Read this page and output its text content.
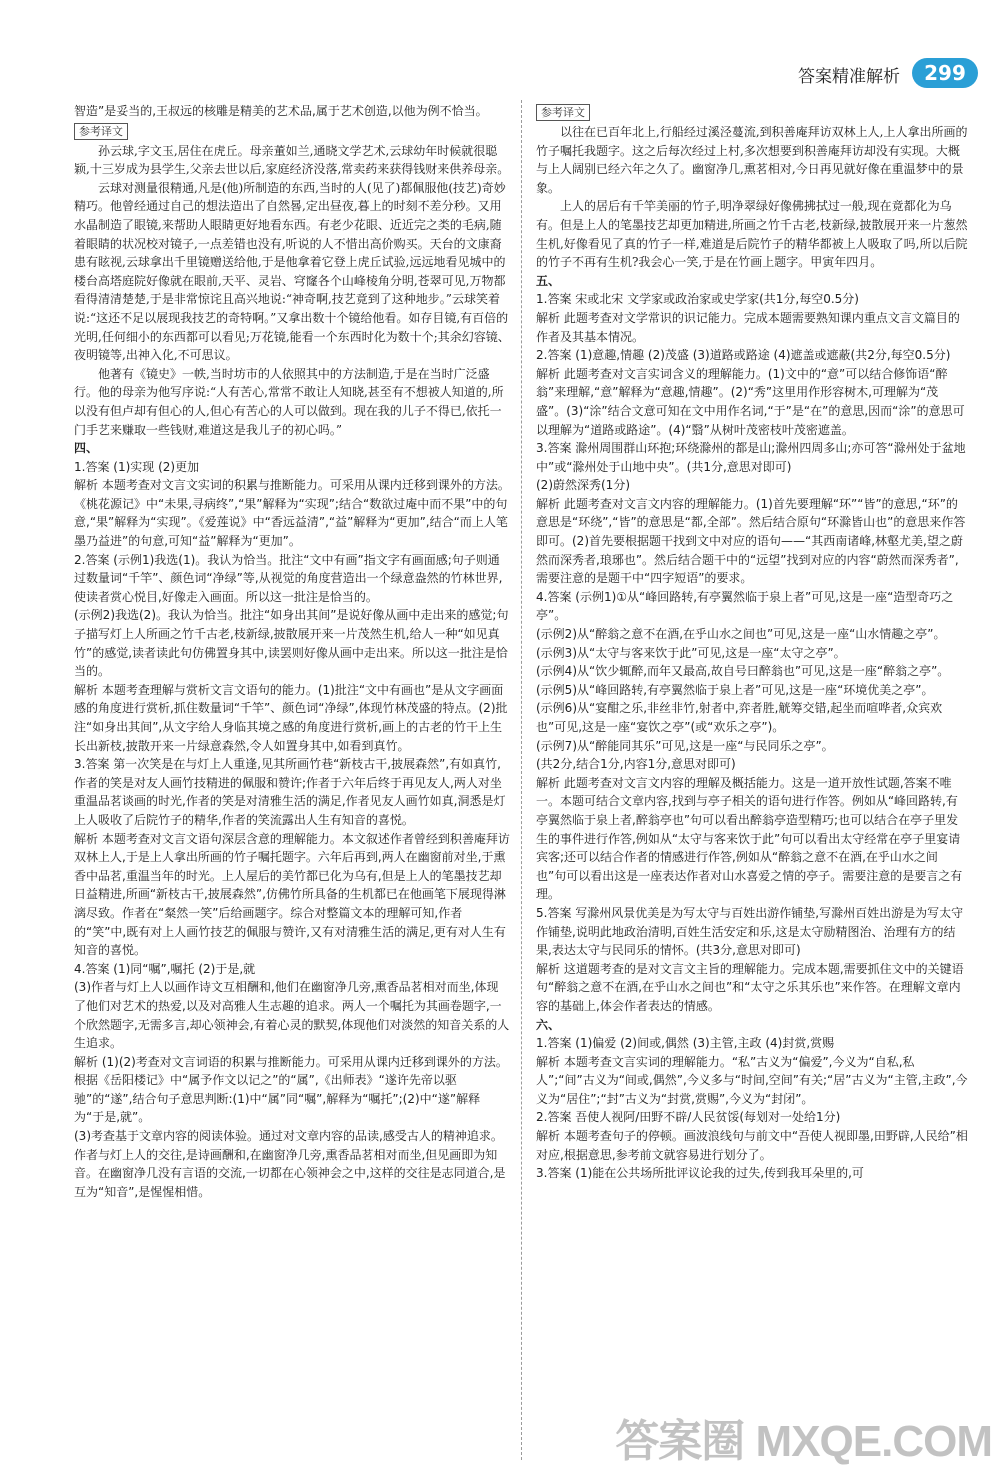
答案精准解析	299

智造”是妥当的,王叔远的核雕是精美的艺术品,属于艺术创造,以他为例不恰当。

参考译文

孙云球,字文玉,居住在虎丘。母亲董如兰,通晓文学艺术,云球幼年时候就很聪颖,十三岁成为县学生,父亲去世以后,家庭经济没落,常卖药来获得钱财来供养母亲。

云球对测量很精通,凡是(他)所制造的东西,当时的人(见了)都佩服他(技艺)奇妙精巧。他曾经通过自己的想法造出了自然晷,定出昼夜,暮上的时刻不差分秒。又用水晶制造了眼镜,来帮助人眼睛更好地看东西。有老少花眼、近近完之类的毛病,随着眼睛的状况校对镜子,一点差错也没有,听说的人不惜出高价购买。天台的文康裔患有眩视,云球拿出千里镜赠送给他,于是他拿着它登上虎丘试验,远远地看见城中的楼台高塔庭院好像就在眼前,天平、灵岩、穹窿各个山峰棱角分明,苍翠可见,万物都看得清清楚楚,于是非常惊诧且高兴地说:“神奇啊,技艺竟到了这种地步。”云球笑着说:“这还不足以展现我技艺的奇特啊。”又拿出数十个镜给他看。如存目镜,有百倍的光明,任何细小的东西都可以看见;万花镜,能看一个东西时化为数十个;其余幻容镜、夜明镜等,出神入化,不可思议。

他著有《镜史》一帙,当时坊市的人依照其中的方法制造,于是在当时广泛盛行。他的母亲为他写序说:“人有苦心,常常不敢让人知晓,甚至有不想被人知道的,所以没有但卢却有但心的人,但心有苦心的人可以做到。现在我的儿子不得已,依托一门手艺来赚取一些钱财,难道这是我儿子的初心吗。”

四、

1.答案 (1)实现 (2)更加

解析 本题考查对文言文实词的积累与推断能力。可采用从课内迁移到课外的方法。《桃花源记》中“未果,寻病终”,“果”解释为“实现”;结合“数欲过庵中而不果”中的句意,“果”解释为“实现”。《爱莲说》中“香远益清”,“益”解释为“更加”,结合“而上人笔墨乃益进”的句意,可知“益”解释为“更加”。

2.答案 (示例1)我选(1)。我认为恰当。批注“文中有画”指文字有画面感;句子则通过数量词“千竿”、颜色词“净绿”等,从视觉的角度营造出一个绿意盎然的竹林世界,使读者赏心悦目,好像走入画面。所以这一批注是恰当的。

(示例2)我选(2)。我认为恰当。批注“如身出其间”是说好像从画中走出来的感觉;句子描写灯上人所画之竹千古老,枝新绿,披散展开来一片茂然生机,给人一种“如见真竹”的感觉,读者读此句仿佛置身其中,读罢则好像从画中走出来。所以这一批注是恰当的。

解析 本题考查理解与赏析文言文语句的能力。(1)批注“文中有画也”是从文字画面感的角度进行赏析,抓住数量词“千竿”、颜色词“净绿”,体现竹林茂盛的特点。(2)批注“如身出其间”,从文字给人身临其境之感的角度进行赏析,画上的古老的竹干上生长出新枝,披散开来一片绿意森然,令人如置身其中,如看到真竹。

3.答案 第一次笑是在与灯上人重逢,见其所画竹巷“新枝古干,披展森然”,有如真竹,作者的笑是对友人画竹技精进的佩服和赞许;作者于六年后终于再见友人,两人对坐重温品茗谈画的时光,作者的笑是对清雅生活的满足,作者见友人画竹如真,洞悉是灯上人吸收了后院竹子的精华,作者的笑流露出人生有知音的喜悦。

解析 本题考查对文言文语句深层含意的理解能力。本文叙述作者曾经到积善庵拜访双林上人,于是上人拿出所画的竹子嘱托题字。六年后再到,两人在幽窗前对坐,于熏香中品茗,重温当年的时光。上人屋后的美竹都已化为乌有,但是上人的笔墨技艺却日益精进,所画“新枝古干,披展森然”,仿佛竹所具备的生机都已在他画笔下展现得淋漓尽致。作者在“粲然一笑”后给画题字。综合对整篇文本的理解可知,作者的“笑”中,既有对上人画竹技艺的佩服与赞许,又有对清雅生活的满足,更有对人生有知音的喜悦。

4.答案 (1)同“嘱”,嘱托 (2)于是,就

(3)作者与灯上人以画作诗文互相酬和,他们在幽窗净几旁,熏香品茗相对而坐,体现了他们对艺术的热爱,以及对高雅人生志趣的追求。两人一个嘱托为其画卷题字,一个欣然题字,无需多言,却心领神会,有着心灵的默契,体现他们对淡然的知音关系的人生追求。

解析 (1)(2)考查对文言词语的积累与推断能力。可采用从课内迁移到课外的方法。根据《岳阳楼记》中“属予作文以记之”的“属”,《出师表》“遂许先帝以驱驰”的“遂”,结合句子意思判断:(1)中“属”同“嘱”,解释为“嘱托”;(2)中“遂”解释为“于是,就”。

(3)考查基于文章内容的阅读体验。通过对文章内容的品读,感受古人的精神追求。作者与灯上人的交往,是诗画酬和,在幽窗净几旁,熏香品茗相对而坐,但见画即为知音。在幽窗净几没有言语的交流,一切都在心领神会之中,这样的交往是志同道合,是互为“知音”,是惺惺相惜。

参考译文

以往在已百年北上,行船经过溪泾蔓流,到积善庵拜访双林上人,上人拿出所画的竹子嘱托我题字。这之后每次经过上村,多次想要到积善庵拜访却没有实现。大概与上人阔别已经六年之久了。幽窗净几,熏茗相对,今日再见就好像在重温梦中的景象。

上人的居后有千竿美丽的竹子,明净翠绿好像佛拂拭过一般,现在竟都化为乌有。但是上人的笔墨技艺却更加精进,所画之竹千古老,枝新绿,披散展开来一片葱然生机,好像看见了真的竹子一样,难道是后院竹子的精华都被上人吸取了吗,所以后院的竹子不再有生机?我会心一笑,于是在竹画上题字。甲寅年四月。

五、

1.答案 宋或北宋 文学家或政治家或史学家(共1分,每空0.5分)

解析 此题考查对文学常识的识记能力。完成本题需要熟知课内重点文言文篇目的作者及其基本情况。

2.答案 (1)意趣,情趣 (2)茂盛 (3)道路或路途 (4)遮盖或遮蔽(共2分,每空0.5分)

解析 此题考查对文言实词含义的理解能力。(1)文中的“意”可以结合修饰语“醉翁”来理解,“意”解释为“意趣,情趣”。(2)“秀”这里用作形容树木,可理解为“茂盛”。(3)“涂”结合文意可知在文中用作名词,“于”是“在”的意思,因而“涂”的意思可以理解为“道路或路途”。(4)“翳”从树叶茂密枝叶茂密遮盖。

3.答案 滁州周围群山环抱;环绕滁州的都是山;滁州四周多山;亦可答“滁州处于盆地中”或“滁州处于山地中央”。(共1分,意思对即可)

(2)蔚然深秀(1分)

解析 此题考查对文言文内容的理解能力。(1)首先要理解“环”“皆”的意思,“环”的意思是“环绕”,“皆”的意思是“都,全部”。然后结合原句“环滁皆山也”的意思来作答即可。(2)首先要根据题干找到文中对应的语句——“其西南诸峰,林壑尤美,望之蔚然而深秀者,琅琊也”。然后结合题干中的“远望”找到对应的内容“蔚然而深秀者”,需要注意的是题干中“四字短语”的要求。

4.答案 (示例1)①从“峰回路转,有亭翼然临于泉上者”可见,这是一座“造型奇巧之亭”。

(示例2)从“醉翁之意不在酒,在乎山水之间也”可见,这是一座“山水情趣之亭”。

(示例3)从“太守与客来饮于此”可见,这是一座“太守之亭”。

(示例4)从“饮少辄醉,而年又最高,故自号曰醉翁也”可见,这是一座“醉翁之亭”。

(示例5)从“峰回路转,有亭翼然临于泉上者”可见,这是一座“环境优美之亭”。

(示例6)从“宴酣之乐,非丝非竹,射者中,弈者胜,觥筹交错,起坐而喧哗者,众宾欢也”可见,这是一座“宴饮之亭”(或“欢乐之亭”)。

(示例7)从“醉能同其乐”可见,这是一座“与民同乐之亭”。

(共2分,结合1分,内容1分,意思对即可)

解析 此题考查对文言文内容的理解及概括能力。这是一道开放性试题,答案不唯一。本题可结合文章内容,找到与亭子相关的语句进行作答。例如从“峰回路转,有亭翼然临于泉上者,醉翁亭也”句可以看出醉翁亭造型精巧;也可以结合在亭子里发生的事件进行作答,例如从“太守与客来饮于此”句可以看出太守经常在亭子里宴请宾客;还可以结合作者的情感进行作答,例如从“醉翁之意不在酒,在乎山水之间也”句可以看出这是一座表达作者对山水喜爱之情的亭子。需要注意的是要言之有理。

5.答案 写滁州风景优美是为写太守与百姓出游作铺垫,写滁州百姓出游是为写太守作铺垫,说明此地政治清明,百姓生活安定和乐,这是太守励精图治、治理有方的结果,表达太守与民同乐的情怀。(共3分,意思对即可)

解析 这道题考查的是对文言文主旨的理解能力。完成本题,需要抓住文中的关键语句“醉翁之意不在酒,在乎山水之间也”和“太守之乐其乐也”来作答。在理解文章内容的基础上,体会作者表达的情感。

六、

1.答案 (1)偏爱 (2)间或,偶然 (3)主管,主政 (4)封赏,赏赐

解析 本题考查文言实词的理解能力。“私”古义为“偏爱”,今义为“自私,私人”;“间”古义为“间或,偶然”,今义多与“时间,空间”有关;“居”古义为“主管,主政”,今义为“居住”;“封”古义为“封赏,赏赐”,今义为“封闭”。

2.答案 吾使人视阿/田野不辟/人民贫馁(每划对一处给1分)

解析 本题考查句子的停顿。画波浪线句与前文中“吾使人视即墨,田野辟,人民给”相对应,根据意思,参考前文就容易进行划分了。

3.答案 (1)能在公共场所批评议论我的过失,传到我耳朵里的,可

答案圈 MXQE.COM
